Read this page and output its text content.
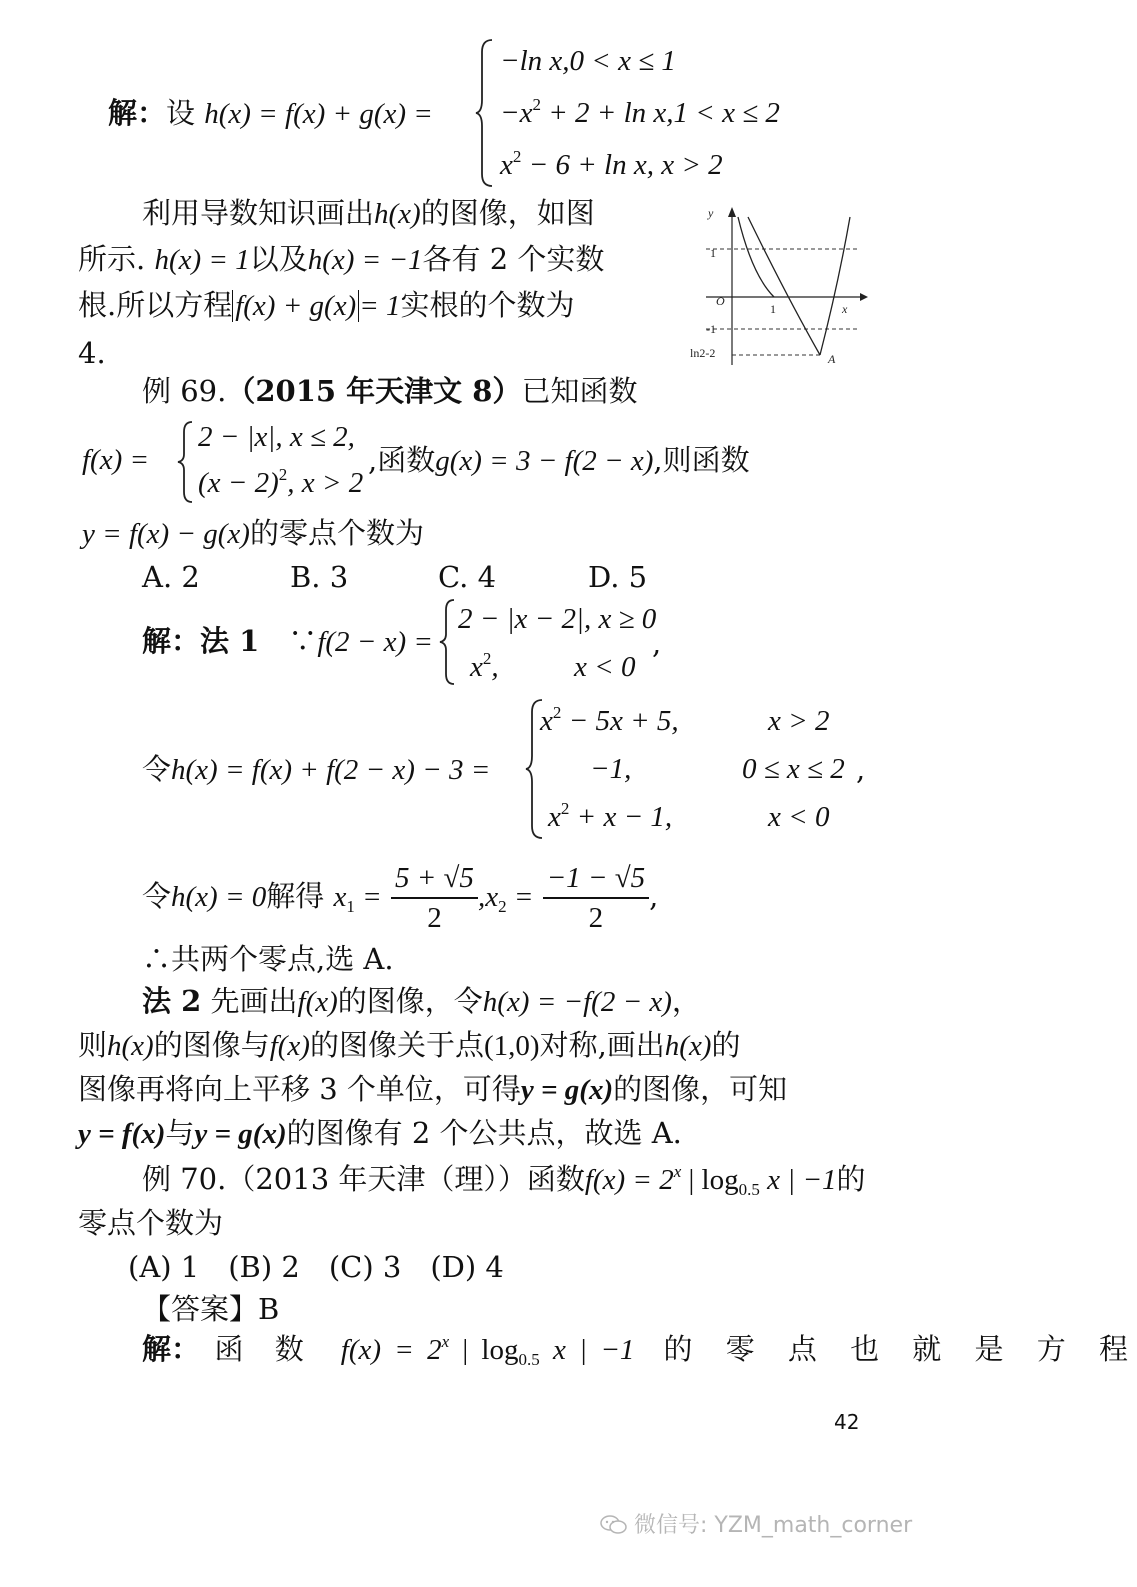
解：设 h(x) = f(x) + g(x) =
−ln x,0 < x ≤ 1
$-x^2 + 2 + \ln x,1 < x \le 2$
$x^2 - 6 + \ln x$, x > 2
利用导数知识画出h(x)的图像，如图
所示. h(x) = 1以及h(x) = −1各有 2 个实数
根.所以方程 f(x) + g(x) = 1实根的个数为
4.
y
x
O
1
-1
ln2-2
1
A
例 69.（2015 年天津文 8）已知函数
f(x) =
2 − |x|, x ≤ 2,
$(x - 2)^2$, x > 2
,函数g(x) = 3 − f(2 − x),则函数
y = f(x) − g(x)的零点个数为
A. 2	B. 3	C. 4	D. 5
解：法 1　 ∵f(2 − x) =
2 − |x − 2|, x ≥ 0
$x^2$,	x < 0
,
令h(x) = f(x) + f(2 − x) − 3 =
$x^2 - 5x + 5$,	x > 2
−1,	0 ≤ x ≤ 2 ,
$x^2 + x - 1$,	x < 0
令h(x) = 0解得 $x_1 = \frac{5 + √5}{2} ,x_2 = \frac{-1 - √5}{2}$ ,
∴共两个零点,选 A.
法 2 先画出f(x)的图像，令h(x) = −f(2 − x)，
则h(x)的图像与f(x)的图像关于点(1,0)对称,画出h(x)的
图像再将向上平移 3 个单位，可得y = g(x)的图像，可知
y = f(x)与y = g(x)的图像有 2 个公共点，故选 A.
例 70.（2013 年天津（理））函数$f(x) = 2^x$ | $\log_{0.5} x$ | −1的
零点个数为
(A) 1　(B) 2　(C) 3　(D) 4
【答案】B
解：　 函 数　 $f(x) = 2^x$ | $\log_{0.5} x$ | −1　 的 零 点 也 就 是 方 程
42
微信号: YZM_math_corner
